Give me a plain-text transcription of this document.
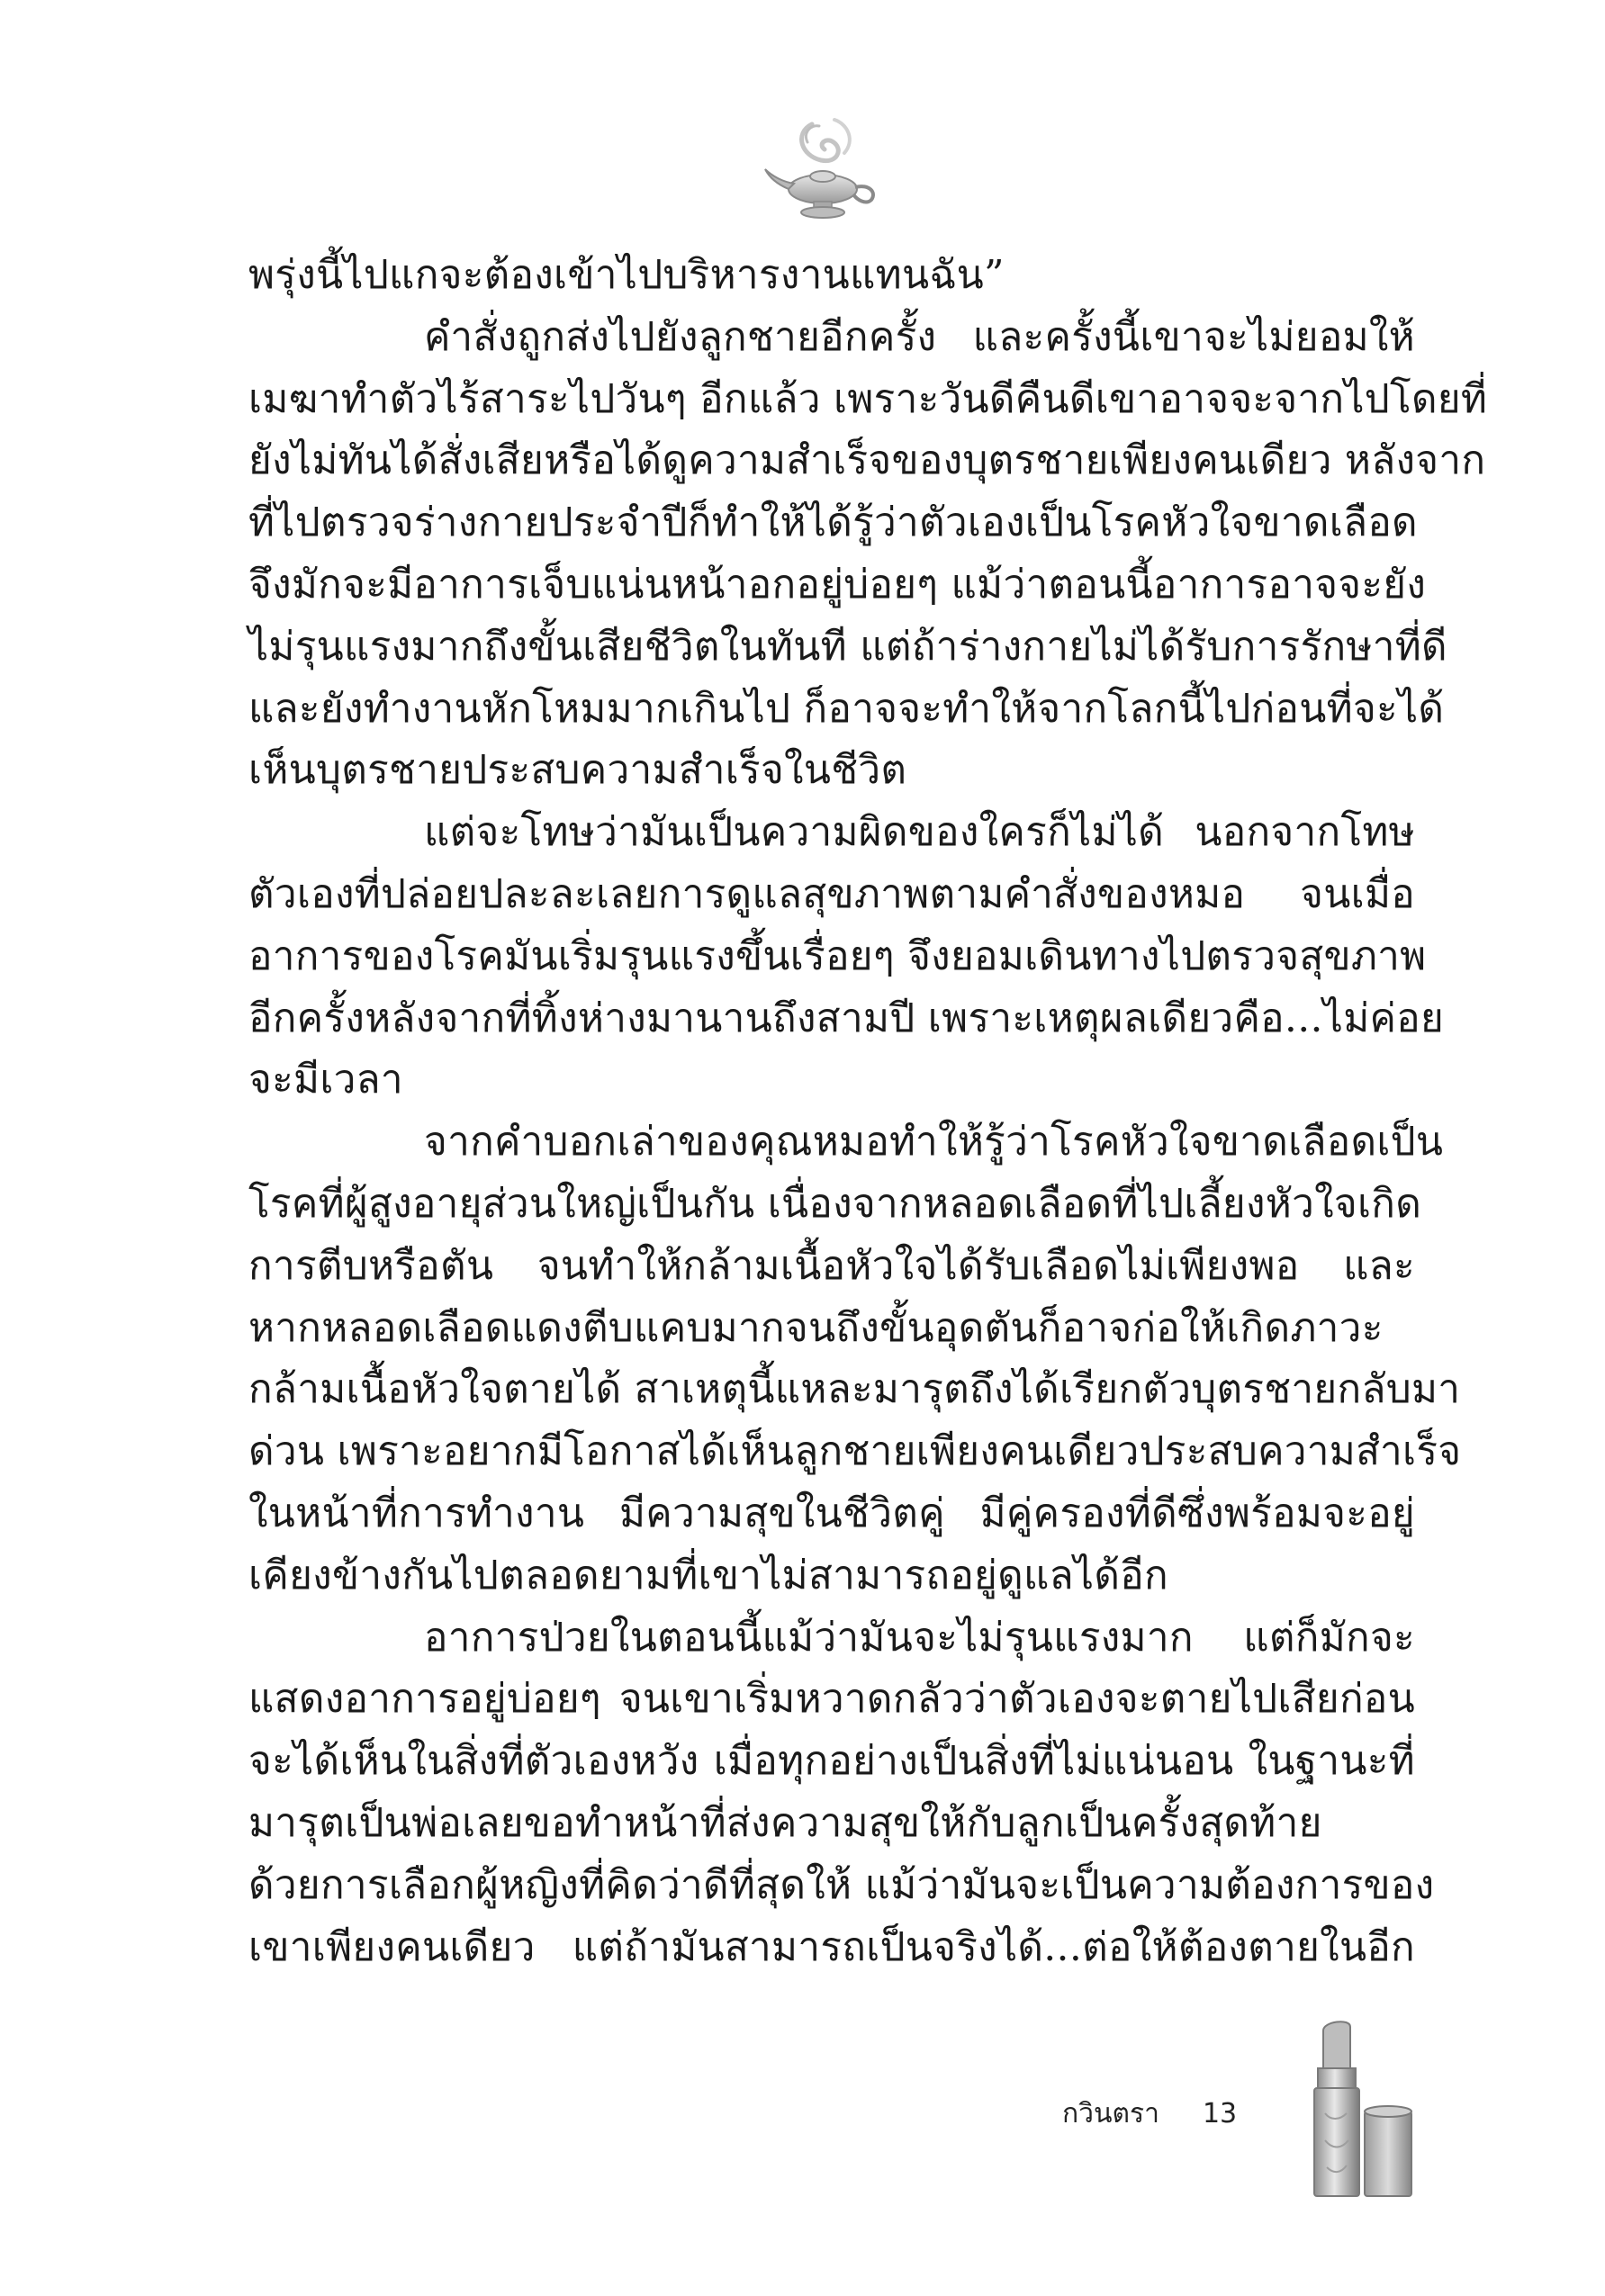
พรุ่งนี้ไปแกจะต้องเข้าไปบริหารงานแทนฉัน”
คำสั่งถูกส่งไปยังลูกชายอีกครั้ง และครั้งนี้เขาจะไม่ยอมให้
เมฆาทำตัวไร้สาระไปวันๆ อีกแล้ว เพราะวันดีคืนดีเขาอาจจะจากไปโดยที่
ยังไม่ทันได้สั่งเสียหรือได้ดูความสำเร็จของบุตรชายเพียงคนเดียว หลังจาก
ที่ไปตรวจร่างกายประจำปีก็ทำให้ได้รู้ว่าตัวเองเป็นโรคหัวใจขาดเลือด
จึงมักจะมีอาการเจ็บแน่นหน้าอกอยู่บ่อยๆ แม้ว่าตอนนี้อาการอาจจะยัง
ไม่รุนแรงมากถึงขั้นเสียชีวิตในทันที แต่ถ้าร่างกายไม่ได้รับการรักษาที่ดี
และยังทำงานหักโหมมากเกินไป ก็อาจจะทำให้จากโลกนี้ไปก่อนที่จะได้
เห็นบุตรชายประสบความสำเร็จในชีวิต
แต่จะโทษว่ามันเป็นความผิดของใครก็ไม่ได้ นอกจากโทษ
ตัวเองที่ปล่อยปละละเลยการดูแลสุขภาพตามคำสั่งของหมอ จนเมื่อ
อาการของโรคมันเริ่มรุนแรงขึ้นเรื่อยๆ จึงยอมเดินทางไปตรวจสุขภาพ
อีกครั้งหลังจากที่ทิ้งห่างมานานถึงสามปี เพราะเหตุผลเดียวคือ...ไม่ค่อย
จะมีเวลา
จากคำบอกเล่าของคุณหมอทำให้รู้ว่าโรคหัวใจขาดเลือดเป็น
โรคที่ผู้สูงอายุส่วนใหญ่เป็นกัน เนื่องจากหลอดเลือดที่ไปเลี้ยงหัวใจเกิด
การตีบหรือตัน จนทำให้กล้ามเนื้อหัวใจได้รับเลือดไม่เพียงพอ และ
หากหลอดเลือดแดงตีบแคบมากจนถึงขั้นอุดตันก็อาจก่อให้เกิดภาวะ
กล้ามเนื้อหัวใจตายได้ สาเหตุนี้แหละมารุตถึงได้เรียกตัวบุตรชายกลับมา
ด่วน เพราะอยากมีโอกาสได้เห็นลูกชายเพียงคนเดียวประสบความสำเร็จ
ในหน้าที่การทำงาน มีความสุขในชีวิตคู่ มีคู่ครองที่ดีซึ่งพร้อมจะอยู่
เคียงข้างกันไปตลอดยามที่เขาไม่สามารถอยู่ดูแลได้อีก
อาการป่วยในตอนนี้แม้ว่ามันจะไม่รุนแรงมาก แต่ก็มักจะ
แสดงอาการอยู่บ่อยๆ จนเขาเริ่มหวาดกลัวว่าตัวเองจะตายไปเสียก่อน
จะได้เห็นในสิ่งที่ตัวเองหวัง เมื่อทุกอย่างเป็นสิ่งที่ไม่แน่นอน ในฐานะที่
มารุตเป็นพ่อเลยขอทำหน้าที่ส่งความสุขให้กับลูกเป็นครั้งสุดท้าย
ด้วยการเลือกผู้หญิงที่คิดว่าดีที่สุดให้ แม้ว่ามันจะเป็นความต้องการของ
เขาเพียงคนเดียว แต่ถ้ามันสามารถเป็นจริงได้...ต่อให้ต้องตายในอีก
กวินตรา 13
